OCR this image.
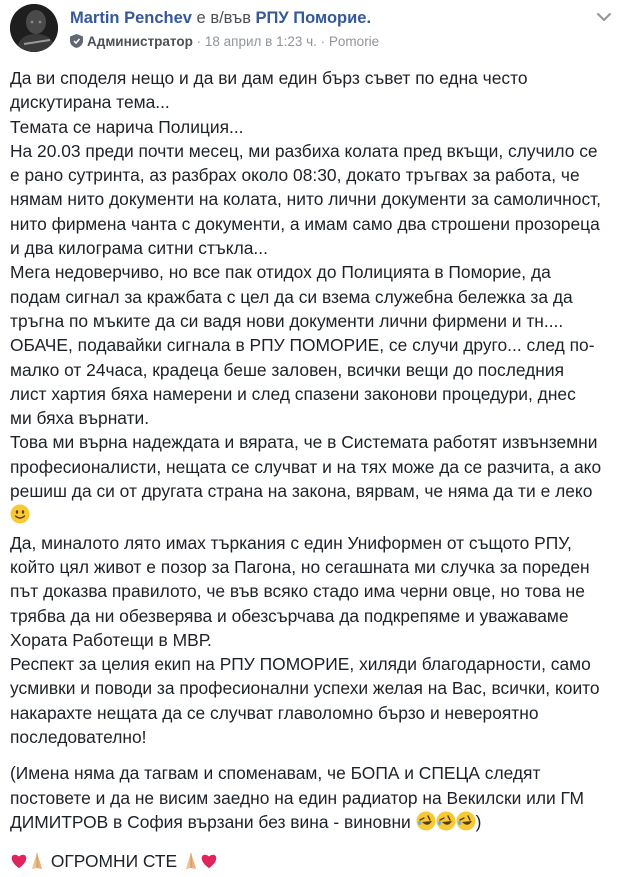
Martin Penchev е в/във РПУ Поморие.
Администратор · 18 април в 1:23 ч. · Pomorie

Да ви споделя нещо и да ви дам един бърз съвет по една често

дискутирана тема...

Темата се нарича Полиция...

На 20.03 преди почти месец, ми разбиха колата пред вкъщи, случило се

е рано сутринта, аз разбрах около 08:30, докато тръгвах за работа, че

нямам нито документи на колата, нито лични документи за самоличност,

нито фирмена чанта с документи, а имам само два строшени прозореца

и два килограма ситни стъкла...

Мега недоверчиво, но все пак отидох до Полицията в Поморие, да

подам сигнал за кражбата с цел да си взема служебна бележка за да

тръгна по мъките да си вадя нови документи лични фирмени и тн....

ОБАЧЕ, подавайки сигнала в РПУ ПОМОРИЕ, се случи друго... след по-

малко от 24часа, крадеца беше заловен, всички вещи до последния

лист хартия бяха намерени и след спазени законови процедури, днес

ми бяха върнати.

Това ми върна надеждата и вярата, че в Системата работят извънземни

професионалисти, нещата се случват и на тях може да се разчита, а ако

решиш да си от другата страна на закона, вярвам, че няма да ти е леко

Да, миналото лято имах търкания с един Униформен от същото РПУ,

който цял живот е позор за Пагона, но сегашната ми случка за пореден

път доказва правилото, че във всяко стадо има черни овце, но това не

трябва да ни обезверява и обезсърчава да подкрепяме и уважаваме

Хората Работещи в МВР.

Респект за целия екип на РПУ ПОМОРИЕ, хиляди благодарности, само

усмивки и поводи за професионални успехи желая на Вас, всички, които

накарахте нещата да се случват главоломно бързо и невероятно

последователно!

(Имена няма да тагвам и споменавам, че БОПА и СПЕЦА следят

постовете и да не висим заедно на един радиатор на Векилски или ГМ

ДИМИТРОВ в София вързани без вина - виновни	)

ОГРОМНИ СТЕ
